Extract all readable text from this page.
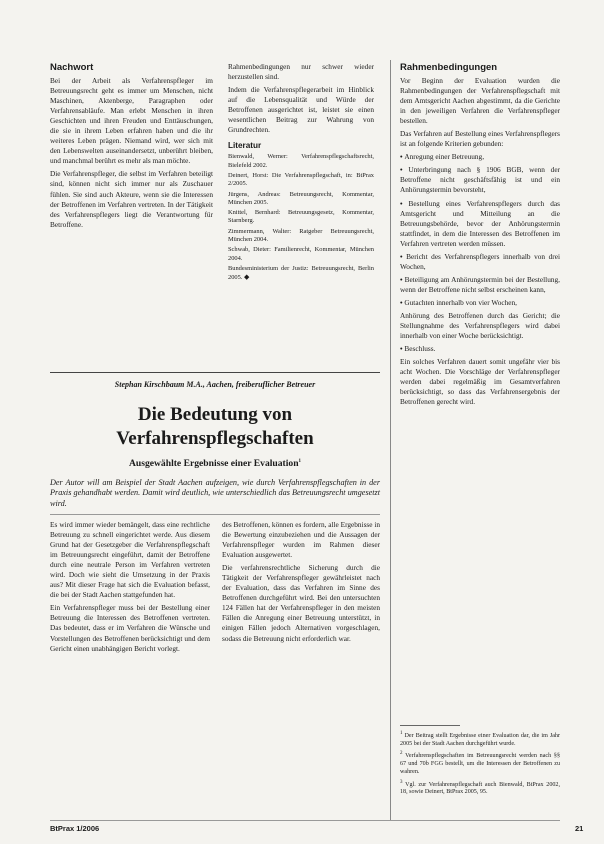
Nachwort

Bei der Arbeit als Verfahrenspfleger im Betreuungsrecht geht es immer um Menschen, nicht Maschinen, Aktenberge, Paragraphen oder Verfahrensabläufe. Man erlebt Menschen in ihren Geschichten und ihren Freuden und Enttäuschungen, die sie in ihrem Leben erfahren haben und die ihr weiteres Leben prägen. Niemand wird, wer sich mit den Lebenswelten auseinandersetzt, unberührt bleiben, und manchmal berührt es mehr als man möchte.

Die Verfahrenspfleger, die selbst im Verfahren beteiligt sind, können nicht sich immer nur als Zuschauer fühlen. Sie sind auch Akteure, wenn sie die Interessen der Betroffenen im Verfahren vertreten. In der Tätigkeit des Verfahrenspflegers liegt die Verantwortung für Betroffene.

Rahmenbedingungen nur schwer wieder herzustellen sind.

Indem die Verfahrenspflegerarbeit im Hinblick auf die Lebensqualität und Würde der Betroffenen ausgerichtet ist, leistet sie einen wesentlichen Beitrag zur Wahrung von Grundrechten.

Literatur

Bienwald, Werner: Verfahrenspflegschaftsrecht, Bielefeld 2002.

Deinert, Horst: Die Verfahrenspflegschaft, in: BtPrax 2/2005.

Jürgens, Andreas: Betreuungsrecht, Kommentar, München 2005.

Knittel, Bernhard: Betreuungsgesetz, Kommentar, Starnberg.

Zimmermann, Walter: Ratgeber Betreuungsrecht, München 2004.

Schwab, Dieter: Familienrecht, Kommentar, München 2004.

Bundesministerium der Justiz: Betreuungsrecht, Berlin 2005. ◆

Rahmenbedingungen

Vor Beginn der Evaluation wurden die Rahmenbedingungen der Verfahrenspflegschaft mit dem Amtsgericht Aachen abgestimmt, da die Gerichte in den jeweiligen Verfahren die Verfahrenspfleger bestellen.

Das Verfahren auf Bestellung eines Verfahrenspflegers ist an folgende Kriterien gebunden:

• Anregung einer Betreuung,
• Unterbringung nach § 1906 BGB, wenn der Betroffene nicht geschäftsfähig ist und ein Anhörungstermin bevorsteht,
• Bestellung eines Verfahrenspflegers durch das Amtsgericht und Mitteilung an die Betreuungsbehörde, bevor der Anhörungstermin stattfindet, in dem die Interessen des Betroffenen im Verfahren vertreten werden müssen.
• Bericht des Verfahrenspflegers innerhalb von drei Wochen,
• Beteiligung am Anhörungstermin bei der Bestellung, wenn der Betroffene nicht selbst erscheinen kann,
• Gutachten innerhalb von vier Wochen,

Anhörung des Betroffenen durch das Gericht; die Stellungnahme des Verfahrenspflegers wird dabei innerhalb von einer Woche berücksichtigt.

• Beschluss.

Ein solches Verfahren dauert somit ungefähr vier bis acht Wochen. Die Vorschläge der Verfahrenspfleger werden dabei regelmäßig im Gesamtverfahren berücksichtigt, so dass das Verfahrensergebnis der Betroffenen gerecht wird.

$^1$ Der Beitrag stellt Ergebnisse einer Evaluation dar, die im Jahr 2005 bei der Stadt Aachen durchgeführt wurde.

$^2$ Verfahrenspflegschaften im Betreuungsrecht werden nach §§ 67 und 70b FGG bestellt, um die Interessen der Betroffenen zu wahren.

$^3$ Vgl. zur Verfahrenspflegschaft auch Bienwald, BtPrax 2002, 18, sowie Deinert, BtPrax 2005, 95.

Stephan Kirschbaum M.A., Aachen, freiberuflicher Betreuer
Die Bedeutung von
Verfahrenspflegschaften
Ausgewählte Ergebnisse einer Evaluation$^1$
Der Autor will am Beispiel der Stadt Aachen aufzeigen, wie durch Verfahrenspflegschaften in der Praxis gehandhabt werden. Damit wird deutlich, wie unterschiedlich das Betreuungsrecht umgesetzt wird.

Es wird immer wieder bemängelt, dass eine rechtliche Betreuung zu schnell eingerichtet werde. Aus diesem Grund hat der Gesetzgeber die Verfahrenspflegschaft im Betreuungsrecht eingeführt, damit der Betroffene durch eine neutrale Person im Verfahren vertreten wird. Doch wie sieht die Umsetzung in der Praxis aus? Mit dieser Frage hat sich die Evaluation befasst, die bei der Stadt Aachen stattgefunden hat.

Ein Verfahrenspfleger muss bei der Bestellung einer Betreuung die Interessen des Betroffenen vertreten. Das bedeutet, dass er im Verfahren die Wünsche und Vorstellungen des Betroffenen berücksichtigt und dem Gericht einen unabhängigen Bericht vorlegt.

des Betroffenen, können es fordern, alle Ergebnisse in die Bewertung einzubeziehen und die Aussagen der Verfahrenspfleger wurden im Rahmen dieser Evaluation ausgewertet.

Die verfahrensrechtliche Sicherung durch die Tätigkeit der Verfahrenspfleger gewährleistet nach der Evaluation, dass das Verfahren im Sinne des Betroffenen durchgeführt wird. Bei den untersuchten 124 Fällen hat der Verfahrenspfleger in den meisten Fällen die Anregung einer Betreuung unterstützt, in einigen Fällen jedoch Alternativen vorgeschlagen, sodass die Betreuung nicht erforderlich war.

BtPrax 1/2006	21
